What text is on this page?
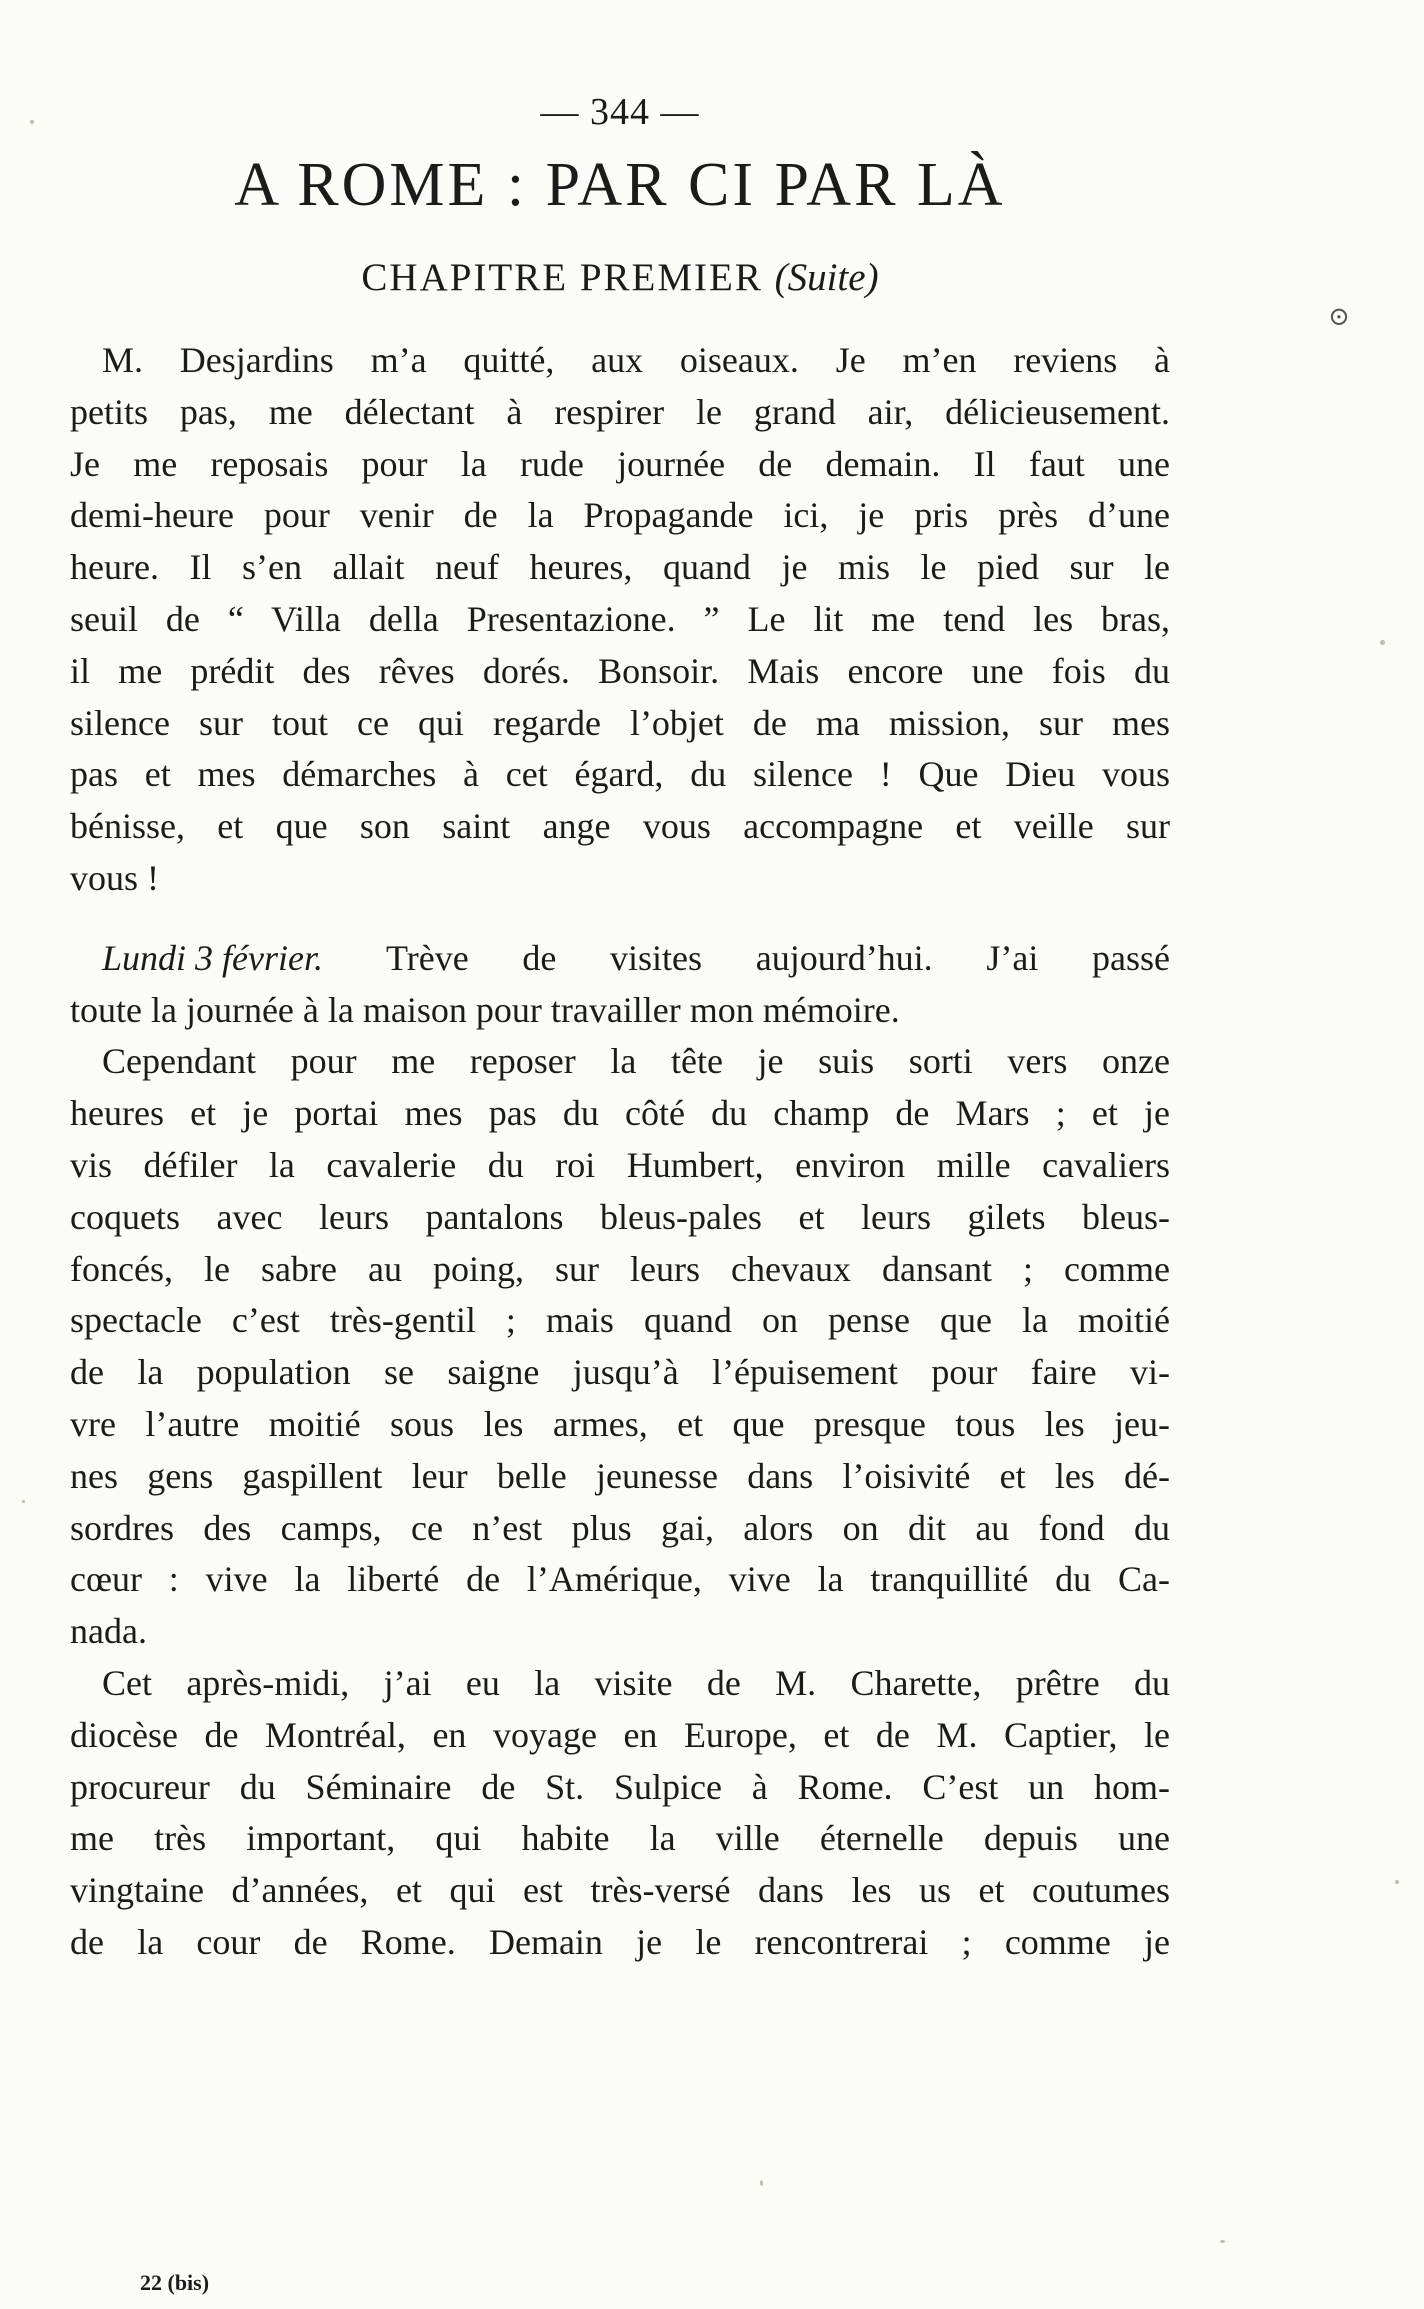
— 344 —
A ROME : PAR CI PAR LÀ
CHAPITRE PREMIER (Suite)
M. Desjardins m’a quitté, aux oiseaux. Je m’en reviens à
petits pas, me délectant à respirer le grand air, délicieusement.
Je me reposais pour la rude journée de demain. Il faut une
demi-heure pour venir de la Propagande ici, je pris près d’une
heure. Il s’en allait neuf heures, quand je mis le pied sur le
seuil de “ Villa della Presentazione. ” Le lit me tend les bras,
il me prédit des rêves dorés. Bonsoir. Mais encore une fois du
silence sur tout ce qui regarde l’objet de ma mission, sur mes
pas et mes démarches à cet égard, du silence ! Que Dieu vous
bénisse, et que son saint ange vous accompagne et veille sur
vous !
Lundi 3 février. Trève de visites aujourd’hui. J’ai passé
toute la journée à la maison pour travailler mon mémoire.
Cependant pour me reposer la tête je suis sorti vers onze
heures et je portai mes pas du côté du champ de Mars ; et je
vis défiler la cavalerie du roi Humbert, environ mille cavaliers
coquets avec leurs pantalons bleus-pales et leurs gilets bleus-
foncés, le sabre au poing, sur leurs chevaux dansant ; comme
spectacle c’est très-gentil ; mais quand on pense que la moitié
de la population se saigne jusqu’à l’épuisement pour faire vi-
vre l’autre moitié sous les armes, et que presque tous les jeu-
nes gens gaspillent leur belle jeunesse dans l’oisivité et les dé-
sordres des camps, ce n’est plus gai, alors on dit au fond du
cœur : vive la liberté de l’Amérique, vive la tranquillité du Ca-
nada.
Cet après-midi, j’ai eu la visite de M. Charette, prêtre du
diocèse de Montréal, en voyage en Europe, et de M. Captier, le
procureur du Séminaire de St. Sulpice à Rome. C’est un hom-
me très important, qui habite la ville éternelle depuis une
vingtaine d’années, et qui est très-versé dans les us et coutumes
de la cour de Rome. Demain je le rencontrerai ; comme je
22 (bis)
⊙
